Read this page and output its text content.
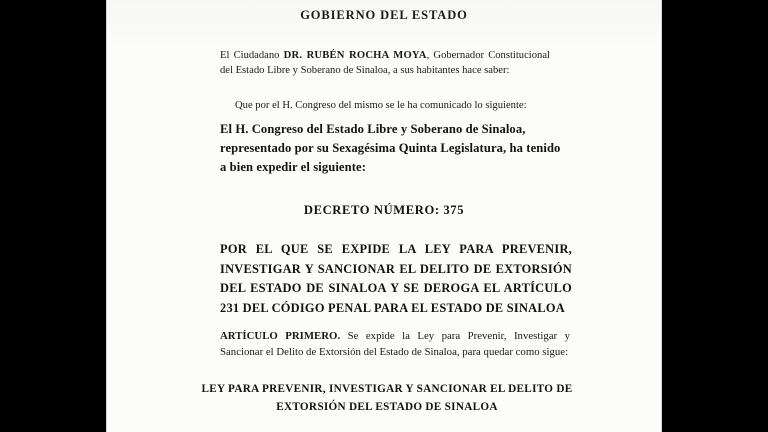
GOBIERNO DEL ESTADO
El Ciudadano DR. RUBÉN ROCHA MOYA, Gobernador Constitucional del Estado Libre y Soberano de Sinaloa, a sus habitantes hace saber:
Que por el H. Congreso del mismo se le ha comunicado lo siguiente:
El H. Congreso del Estado Libre y Soberano de Sinaloa, representado por su Sexagésima Quinta Legislatura, ha tenido a bien expedir el siguiente:
DECRETO NÚMERO: 375
POR EL QUE SE EXPIDE LA LEY PARA PREVENIR, INVESTIGAR Y SANCIONAR EL DELITO DE EXTORSIÓN DEL ESTADO DE SINALOA Y SE DEROGA EL ARTÍCULO 231 DEL CÓDIGO PENAL PARA EL ESTADO DE SINALOA
ARTÍCULO PRIMERO. Se expide la Ley para Prevenir, Investigar y Sancionar el Delito de Extorsión del Estado de Sinaloa, para quedar como sigue:
LEY PARA PREVENIR, INVESTIGAR Y SANCIONAR EL DELITO DE EXTORSIÓN DEL ESTADO DE SINALOA
